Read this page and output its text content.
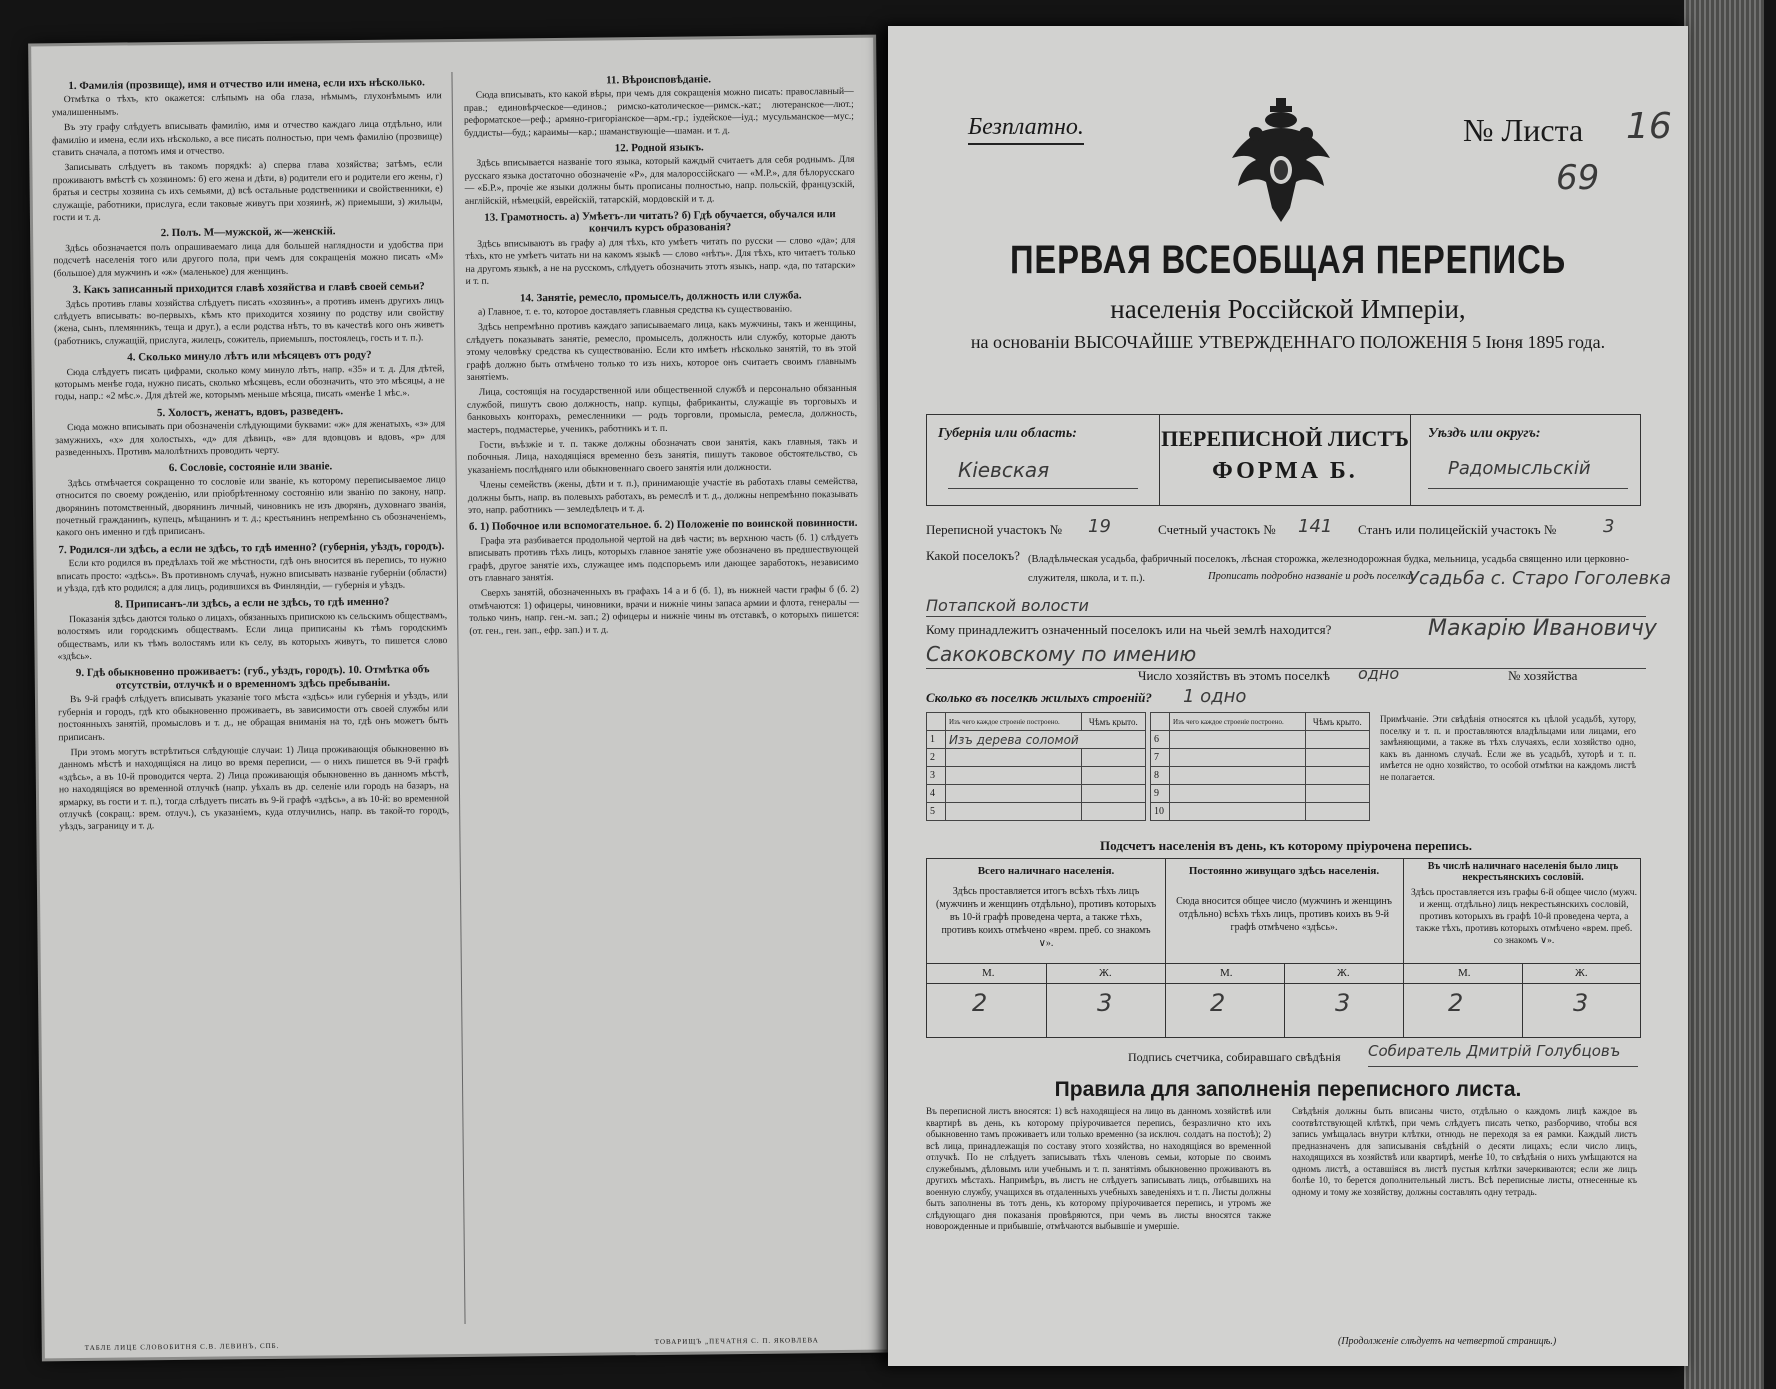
1. Фамилія (прозвище), имя и отчество или имена, если ихъ нѣсколько.

Отмѣтка о тѣхъ, кто окажется: слѣпымъ на оба глаза, нѣмымъ, глухонѣмымъ или умалишеннымъ.

Въ эту графу слѣдуетъ вписывать фамилію, имя и отчество каждаго лица отдѣльно, или фамилію и имена, если ихъ нѣсколько, а все писать полностью, при чемъ фамилію (прозвище) ставить сначала, а потомъ имя и отчество.

Записывать слѣдуетъ въ такомъ порядкѣ: а) сперва глава хозяйства; затѣмъ, если проживаютъ вмѣстѣ съ хозяиномъ: б) его жена и дѣти, в) родители его и родители его жены, г) братья и сестры хозяина съ ихъ семьями, д) всѣ остальные родственники и свойственники, е) служащіе, работники, прислуга, если таковые живутъ при хозяинѣ, ж) приемыши, з) жильцы, гости и т. д.

2. Полъ. М—мужской, ж—женскій.

Здѣсь обозначается полъ опрашиваемаго лица для большей наглядности и удобства при подсчетѣ населенія того или другого пола, при чемъ для сокращенія можно писать «М» (большое) для мужчинъ и «ж» (маленькое) для женщинъ.

3. Какъ записанный приходится главѣ хозяйства и главѣ своей семьи?

Здѣсь противъ главы хозяйства слѣдуетъ писать «хозяинъ», а противъ именъ другихъ лицъ слѣдуетъ вписывать: во-первыхъ, кѣмъ кто приходится хозяину по родству или свойству (жена, сынъ, племянникъ, теща и друг.), а если родства нѣтъ, то въ качествѣ кого онъ живетъ (работникъ, служащій, прислуга, жилецъ, сожитель, приемышъ, постоялецъ, гость и т. п.).

4. Сколько минуло лѣтъ или мѣсяцевъ отъ роду?

Сюда слѣдуетъ писать цифрами, сколько кому минуло лѣтъ, напр. «35» и т. д. Для дѣтей, которымъ менѣе года, нужно писать, сколько мѣсяцевъ, если обозначить, что это мѣсяцы, а не годы, напр.: «2 мѣс.». Для дѣтей же, которымъ меньше мѣсяца, писать «менѣе 1 мѣс.».

5. Холостъ, женатъ, вдовъ, разведенъ.

Сюда можно вписывать при обозначеніи слѣдующими буквами: «ж» для женатыхъ, «з» для замужнихъ, «х» для холостыхъ, «д» для дѣвицъ, «в» для вдовцовъ и вдовъ, «р» для разведенныхъ. Противъ малолѣтнихъ проводить черту.

6. Сословіе, состояніе или званіе.

Здѣсь отмѣчается сокращенно то сословіе или званіе, къ которому переписываемое лицо относится по своему рожденію, или пріобрѣтенному состоянію или званію по закону, напр. дворянинъ потомственный, дворянинъ личный, чиновникъ не изъ дворянъ, духовнаго званія, почетный гражданинъ, купецъ, мѣщанинъ и т. д.; крестьянинъ непремѣнно съ обозначеніемъ, какого онъ именно и гдѣ приписанъ.

7. Родился-ли здѣсь, а если не здѣсь, то гдѣ именно? (губернія, уѣздъ, городъ).

Если кто родился въ предѣлахъ той же мѣстности, гдѣ онъ вносится въ перепись, то нужно вписать просто: «здѣсь». Въ противномъ случаѣ, нужно вписывать названіе губерніи (области) и уѣзда, гдѣ кто родился; а для лицъ, родившихся въ Финляндіи, — губернія и уѣздъ.

8. Приписанъ-ли здѣсь, а если не здѣсь, то гдѣ именно?

Показанія здѣсь даются только о лицахъ, обязанныхъ припискою къ сельскимъ обществамъ, волостямъ или городскимъ обществамъ. Если лица приписаны къ тѣмъ городскимъ обществамъ, или къ тѣмъ волостямъ или къ селу, въ которыхъ живутъ, то пишется слово «здѣсь».

9. Гдѣ обыкновенно проживаетъ: (губ., уѣздъ, городъ). 10. Отмѣтка объ отсутствіи, отлучкѣ и о временномъ здѣсь пребываніи.

Въ 9-й графѣ слѣдуетъ вписывать указаніе того мѣста «здѣсь» или губернія и уѣздъ, или губернія и городъ, гдѣ кто обыкновенно проживаетъ, въ зависимости отъ своей службы или постоянныхъ занятій, промысловъ и т. д., не обращая вниманія на то, гдѣ онъ можетъ быть приписанъ.

При этомъ могутъ встрѣтиться слѣдующіе случаи: 1) Лица проживающія обыкновенно въ данномъ мѣстѣ и находящіяся на лицо во время переписи, — о нихъ пишется въ 9-й графѣ «здѣсь», а въ 10-й проводится черта. 2) Лица проживающія обыкновенно въ данномъ мѣстѣ, но находящіяся во временной отлучкѣ (напр. уѣхалъ въ др. селеніе или городъ на базаръ, на ярмарку, въ гости и т. п.), тогда слѣдуетъ писать въ 9-й графѣ «здѣсь», а въ 10-й: во временной отлучкѣ (сокращ.: врем. отлуч.), съ указаніемъ, куда отлучились, напр. въ такой-то городъ, уѣздъ, заграницу и т. д.

11. Вѣроисповѣданіе.

Сюда вписывать, кто какой вѣры, при чемъ для сокращенія можно писать: православный—прав.; единовѣрческое—единов.; римско-католическое—римск.-кат.; лютеранское—лют.; реформатское—реф.; армяно-григоріанское—арм.-гр.; іудейское—іуд.; мусульманское—мус.; буддисты—буд.; караимы—кар.; шаманствующіе—шаман. и т. д.

12. Родной языкъ.

Здѣсь вписывается названіе того языка, который каждый считаетъ для себя роднымъ. Для русскаго языка достаточно обозначеніе «Р», для малороссійскаго — «М.Р.», для бѣлорусскаго — «Б.Р.», прочіе же языки должны быть прописаны полностью, напр. польскій, французскій, англійскій, нѣмецкій, еврейскій, татарскій, мордовскій и т. д.

13. Грамотность. а) Умѣетъ-ли читать? б) Гдѣ обучается, обучался или кончилъ курсъ образованія?

Здѣсь вписываютъ въ графу а) для тѣхъ, кто умѣетъ читать по русски — слово «да»; для тѣхъ, кто не умѣетъ читать ни на какомъ языкѣ — слово «нѣтъ». Для тѣхъ, кто читаетъ только на другомъ языкѣ, а не на русскомъ, слѣдуетъ обозначить этотъ языкъ, напр. «да, по татарски» и т. п.

14. Занятіе, ремесло, промыселъ, должность или служба.

а) Главное, т. е. то, которое доставляетъ главныя средства къ существованію.

Здѣсь непремѣнно противъ каждаго записываемаго лица, какъ мужчины, такъ и женщины, слѣдуетъ показывать занятіе, ремесло, промыселъ, должность или службу, которые даютъ этому человѣку средства къ существованію. Если кто имѣетъ нѣсколько занятій, то въ этой графѣ должно быть отмѣчено только то изъ нихъ, которое онъ считаетъ своимъ главнымъ занятіемъ.

Лица, состоящія на государственной или общественной службѣ и персонально обязанныя службой, пишутъ свою должность, напр. купцы, фабриканты, служащіе въ торговыхъ и банковыхъ конторахъ, ремесленники — родъ торговли, промысла, ремесла, должность, мастеръ, подмастерье, ученикъ, работникъ и т. п.

Гости, въѣзжіе и т. п. также должны обозначать свои занятія, какъ главныя, такъ и побочныя. Лица, находящіяся временно безъ занятія, пишутъ таковое обстоятельство, съ указаніемъ послѣдняго или обыкновеннаго своего занятія или должности.

Члены семействъ (жены, дѣти и т. п.), принимающіе участіе въ работахъ главы семейства, должны быть, напр. въ полевыхъ работахъ, въ ремеслѣ и т. д., должны непремѣнно показывать это, напр. работникъ — земледѣлецъ и т. д.

б. 1) Побочное или вспомогательное. б. 2) Положеніе по воинской повинности.

Графа эта разбивается продольной чертой на двѣ части; въ верхнюю часть (б. 1) слѣдуетъ вписывать противъ тѣхъ лицъ, которыхъ главное занятіе уже обозначено въ предшествующей графѣ, другое занятіе ихъ, служащее имъ подспорьемъ или дающее заработокъ, независимо отъ главнаго занятія.

Сверхъ занятій, обозначенныхъ въ графахъ 14 а и б (б. 1), въ нижней части графы б (б. 2) отмѣчаются: 1) офицеры, чиновники, врачи и нижніе чины запаса армии и флота, генералы — только чинъ, напр. ген.-м. зап.; 2) офицеры и нижніе чины въ отставкѣ, о которыхъ пишется: (от. ген., ген. зап., ефр. зап.) и т. д.

ТАБЛЕ ЛИЦЕ СЛОВОБИТНЯ С.В. ЛЕВИНЪ, СПБ.
ТОВАРИЩЪ „ПЕЧАТНЯ С. П. ЯКОВЛЕВА
Безплатно.	№ Листа 16
69
ПЕРВАЯ ВСЕОБЩАЯ ПЕРЕПИСЬ
населенія Россійской Имперіи,
на основаніи ВЫСОЧАЙШЕ УТВЕРЖДЕННАГО ПОЛОЖЕНІЯ 5 Іюня 1895 года.
Губернія или область:
Кіевская
ПЕРЕПИСНОЙ ЛИСТЪ
ФОРМА Б.
Уѣздъ или округъ:
Радомысльскій
Переписной участокъ № 19	Счетный участокъ № 141 Станъ или полицейскій участокъ №	3
Какой поселокъ? (Владѣльческая усадьба, фабричный поселокъ, лѣсная сторожка, железнодорожная будка, мельница, усадьба священно или церковно-служителя, школа, и т. п.).	Прописать подробно названіе и родъ поселка:
Усадьба с. Старо Гоголевка
Потапской волости
Кому принадлежитъ означенный поселокъ или на чьей землѣ находится?	Макарію Ивановичу
Сакоковскому по имению
Число хозяйствъ въ этомъ поселкѣ одно	№ хозяйства
Сколько въ поселкѣ жилыхъ строеній? 1 одно
	Изъ чего каждое строеніе построено.	Чѣмъ крыто.
1	Изъ дерева соломой	
2		
3		
4		
5		
	Изъ чего каждое строеніе построено.	Чѣмъ крыто.
6		
7		
8		
9		
10		
Примѣчаніе. Эти свѣдѣнія относятся къ цѣлой усадьбѣ, хутору, поселку и т. п. и проставляются владѣльцами или лицами, его замѣняющими, а также въ тѣхъ случаяхъ, если хозяйство одно, какъ въ данномъ случаѣ. Если же въ усадьбѣ, хуторѣ и т. п. имѣется не одно хозяйство, то особой отмѣтки на каждомъ листѣ не полагается.
Подсчетъ населенія въ день, къ которому пріурочена перепись.
Всего наличнаго населенія.
Здѣсь проставляется итогъ всѣхъ тѣхъ лицъ (мужчинъ и женщинъ отдѣльно), противъ которыхъ въ 10-й графѣ проведена черта, а также тѣхъ, противъ коихъ отмѣчено «врем. преб. со знакомъ ∨».
Постоянно живущаго здѣсь населенія.
Сюда вносится общее число (мужчинъ и женщинъ отдѣльно) всѣхъ тѣхъ лицъ, противъ коихъ въ 9-й графѣ отмѣчено «здѣсь».
Въ числѣ наличнаго населенія было лицъ некрестьянскихъ сословій.
Здѣсь проставляется изъ графы 6-й общее число (мужч. и женщ. отдѣльно) лицъ некрестьянскихъ сословій, противъ которыхъ въ графѣ 10-й проведена черта, а также тѣхъ, противъ которыхъ отмѣчено «врем. преб. со знакомъ ∨».
М.	Ж.	М.	Ж.	М.	Ж.
2	3	2	3	2	3
Подпись счетчика, собиравшаго свѣдѣнія Собиратель Дмитрій Голубцовъ
Правила для заполненія переписного листа.
Въ переписной листъ вносятся: 1) всѣ находящіеся на лицо въ данномъ хозяйствѣ или квартирѣ въ день, къ которому пріурочивается перепись, безразлично кто ихъ обыкновенно тамъ проживаетъ или только временно (за исключ. солдатъ на постоѣ); 2) всѣ лица, принадлежащія по составу этого хозяйства, но находящіяся во временной отлучкѣ. По не слѣдуетъ записывать тѣхъ членовъ семьи, которые по своимъ служебнымъ, дѣловымъ или учебнымъ и т. п. занятіямъ обыкновенно проживаютъ въ другихъ мѣстахъ. Напримѣръ, въ листъ не слѣдуетъ записывать лицъ, отбывшихъ на военную службу, учащихся въ отдаленныхъ учебныхъ заведеніяхъ и т. п. Листы должны быть заполнены въ тотъ день, къ которому пріурочивается перепись, и утромъ же слѣдующаго дня показанія провѣряются, при чемъ въ листы вносятся также новорожденные и прибывшіе, отмѣчаются выбывшіе и умершіе.
Свѣдѣнія должны быть вписаны чисто, отдѣльно о каждомъ лицѣ каждое въ соотвѣтствующей клѣткѣ, при чемъ слѣдуетъ писать четко, разборчиво, чтобы вся запись умѣщалась внутри клѣтки, отнюдь не переходя за ея рамки. Каждый листъ предназначенъ для записыванія свѣдѣній о десяти лицахъ; если число лицъ, находящихся въ хозяйствѣ или квартирѣ, менѣе 10, то свѣдѣнія о нихъ умѣщаются на одномъ листѣ, а оставшіяся въ листѣ пустыя клѣтки зачеркиваются; если же лицъ болѣе 10, то берется дополнительный листъ. Всѣ переписные листы, отнесенные къ одному и тому же хозяйству, должны составлять одну тетрадь.
(Продолженіе слѣдуетъ на четвертой страницѣ.)
